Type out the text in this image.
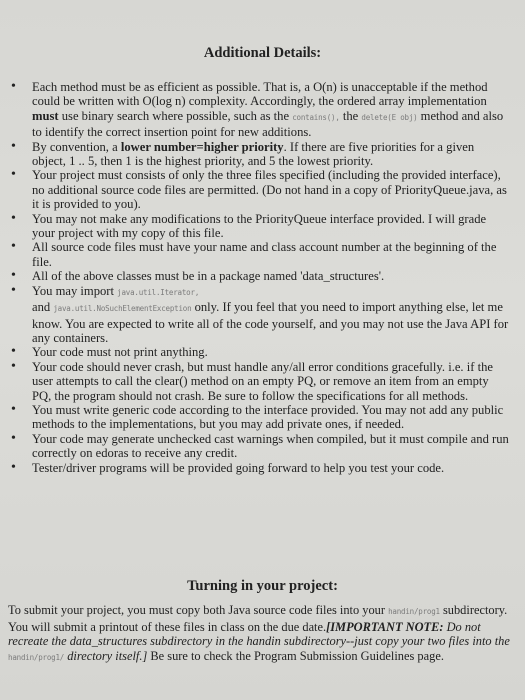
Additional Details:
• Each method must be as efficient as possible. That is, a O(n) is unacceptable if the method could be written with O(log n) complexity. Accordingly, the ordered array implementation must use binary search where possible, such as the contains(), the delete(E obj) method and also to identify the correct insertion point for new additions.
• By convention, a lower number=higher priority. If there are five priorities for a given object, 1 .. 5, then 1 is the highest priority, and 5 the lowest priority.
• Your project must consists of only the three files specified (including the provided interface), no additional source code files are permitted. (Do not hand in a copy of PriorityQueue.java, as it is provided to you).
• You may not make any modifications to the PriorityQueue interface provided. I will grade your project with my copy of this file.
• All source code files must have your name and class account number at the beginning of the file.
• All of the above classes must be in a package named 'data_structures'.
• You may import java.util.Iterator,
and java.util.NoSuchElementException only. If you feel that you need to import anything else, let me know. You are expected to write all of the code yourself, and you may not use the Java API for any containers.
• Your code must not print anything.
• Your code should never crash, but must handle any/all error conditions gracefully. i.e. if the user attempts to call the clear() method on an empty PQ, or remove an item from an empty PQ, the program should not crash. Be sure to follow the specifications for all methods.
• You must write generic code according to the interface provided. You may not add any public methods to the implementations, but you may add private ones, if needed.
• Your code may generate unchecked cast warnings when compiled, but it must compile and run correctly on edoras to receive any credit.
• Tester/driver programs will be provided going forward to help you test your code.
Turning in your project:
To submit your project, you must copy both Java source code files into your handin/prog1 subdirectory. You will submit a printout of these files in class on the due date.[IMPORTANT NOTE: Do not recreate the data_structures subdirectory in the handin subdirectory--just copy your two files into the handin/prog1/ directory itself.] Be sure to check the Program Submission Guidelines page.
